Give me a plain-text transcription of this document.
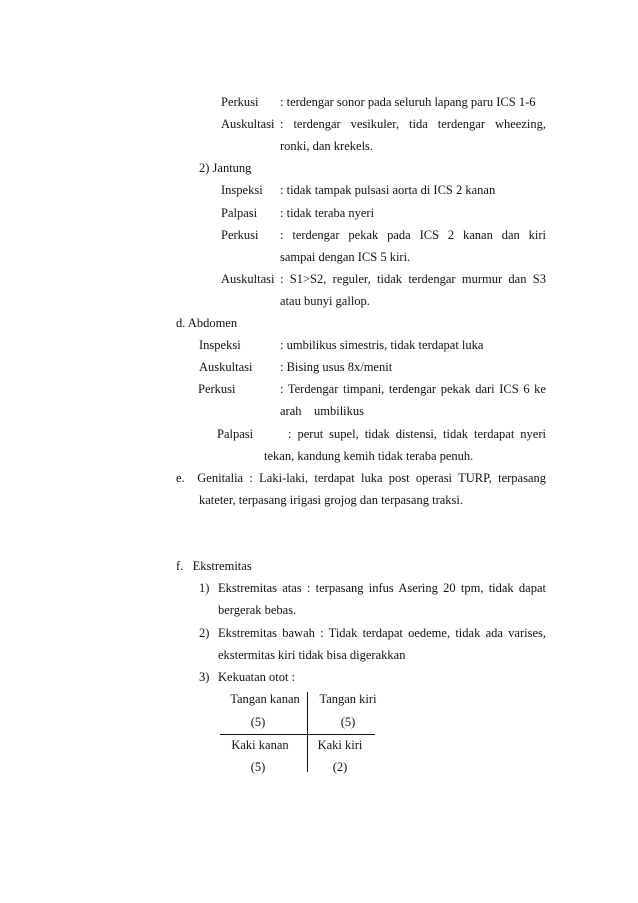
Perkusi : terdengar sonor pada seluruh lapang paru ICS 1-6
Auskultasi : terdengar vesikuler, tida terdengar wheezing,
ronki, dan krekels.
2) Jantung
Inspeksi : tidak tampak pulsasi aorta di ICS 2 kanan
Palpasi : tidak teraba nyeri
Perkusi : terdengar pekak pada ICS 2 kanan dan kiri
sampai dengan ICS 5 kiri.
Auskultasi : S1>S2, reguler, tidak terdengar murmur dan S3
atau bunyi gallop.
d. Abdomen
Inspeksi	: umbilikus simestris, tidak terdapat luka
Auskultasi : Bising usus 8x/menit
Perkusi	: Terdengar timpani, terdengar pekak dari ICS 6 ke
arah    umbilikus
Palpasi	: perut supel, tidak distensi, tidak terdapat nyeri
tekan, kandung kemih tidak teraba penuh.
e.  Genitalia : Laki-laki, terdapat luka post operasi TURP, terpasang
kateter, terpasang irigasi grojog dan terpasang traksi.
f.   Ekstremitas
1) Ekstremitas atas : terpasang infus Asering 20 tpm, tidak dapat
bergerak bebas.
2) Ekstremitas bawah : Tidak terdapat oedeme, tidak ada varises,
ekstermitas kiri tidak bisa digerakkan
3) Kekuatan otot :
Tangan kanan	Tangan kiri
(5)	(5)
Kaki kanan	Kaki kiri
(5)	(2)
